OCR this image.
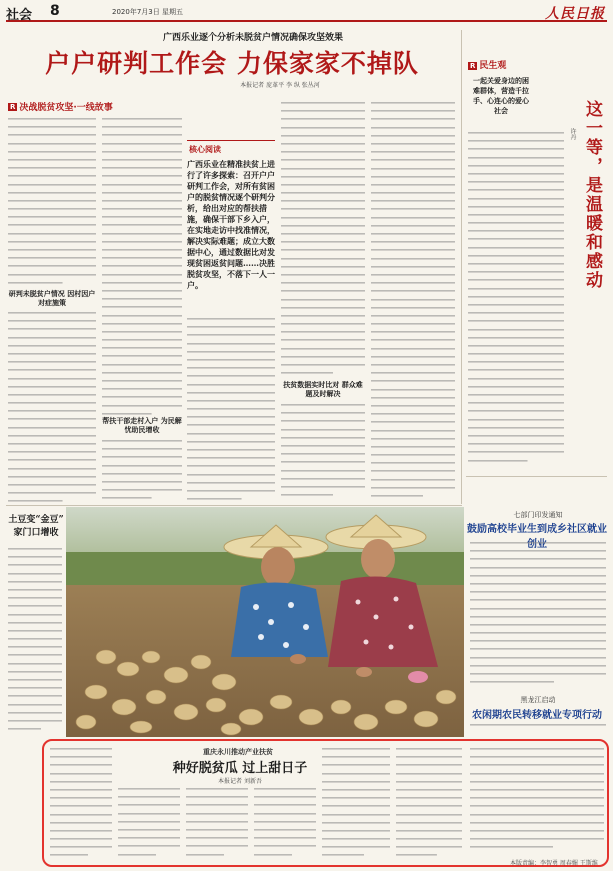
社会 8	2020年7月3日 星期五	人民日报
广西乐业逐个分析未脱贫户情况确保攻坚效果
户户研判工作会 力保家家不掉队
本报记者 庞革平 李 纵 张丛河
R 决战脱贫攻坚·一线故事
研判未脱贫户情况 因村因户对症施策
帮扶干部走村入户 为民解忧助民增收
核心阅读
广西乐业在精准扶贫上进行了许多探索：召开户户研判工作会，对所有贫困户的脱贫情况逐个研判分析，给出对应的帮扶措施，确保干部下乡入户，在实地走访中找准情况，解决实际难题；成立大数据中心，通过数据比对发现贫困返贫问题……决胜脱贫攻坚，不落下一人一户。
扶贫数据实时比对 群众难题及时解决
R 民生观
一起关爱身边的困难群体，营造千拉手、心连心的爱心社会	这一等，是温暖和感动
许丹
土豆变“金豆” 家门口增收
七部门印发通知
鼓励高校毕业生到成乡社区就业
黑龙江启动
农闲期农民转移就业专项行动
重庆永川推动产业扶贫
种好脱贫瓜 过上甜日子
本报记者 刘新吾
本版责编：李智勇 周春媚 王斯维
